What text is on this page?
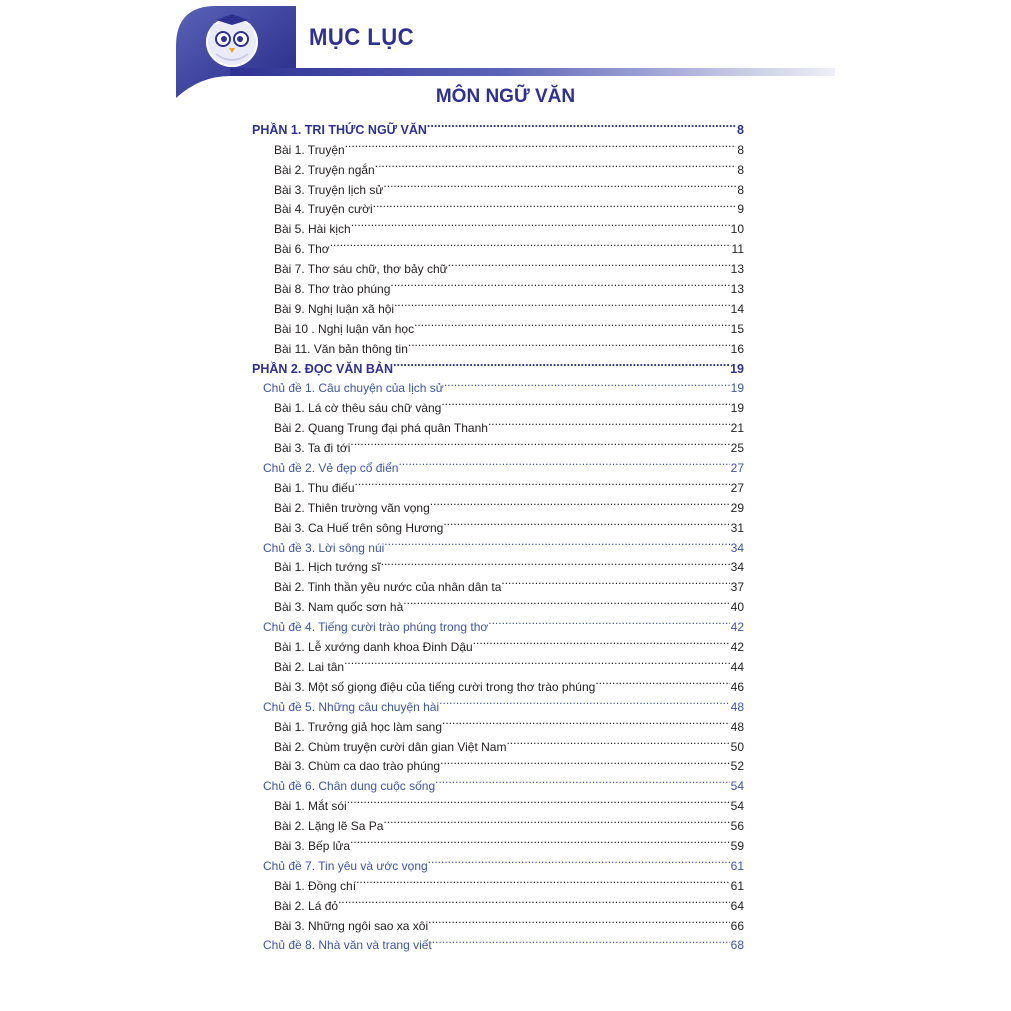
MỤC LỤC
MÔN NGỮ VĂN
PHẦN 1. TRI THỨC NGỮ VĂN .....	8
Bài 1. Truyện .....	8
Bài 2. Truyện ngắn .....	8
Bài 3. Truyện lịch sử .....	8
Bài 4. Truyện cười .....	9
Bài 5. Hài kịch .....	10
Bài 6. Thơ .....	11
Bài 7. Thơ sáu chữ, thơ bảy chữ .....	13
Bài 8. Thơ trào phúng .....	13
Bài 9. Nghị luận xã hội .....	14
Bài 10 . Nghị luận văn học .....	15
Bài 11. Văn bản thông tin .....	16
PHẦN 2. ĐỌC VĂN BẢN .....	19
Chủ đề 1. Câu chuyện của lịch sử .....	19
Bài 1. Lá cờ thêu sáu chữ vàng .....	19
Bài 2. Quang Trung đại phá quân Thanh .....	21
Bài 3. Ta đi tới .....	25
Chủ đề 2. Vẻ đẹp cổ điển .....	27
Bài 1. Thu điếu .....	27
Bài 2. Thiên trường vãn vọng .....	29
Bài 3. Ca Huế trên sông Hương .....	31
Chủ đề 3. Lời sông núi .....	34
Bài 1. Hịch tướng sĩ .....	34
Bài 2. Tinh thần yêu nước của nhân dân ta .....	37
Bài 3. Nam quốc sơn hà .....	40
Chủ đề 4. Tiếng cười trào phúng trong thơ .....	42
Bài 1. Lễ xướng danh khoa Đinh Dậu .....	42
Bài 2. Lai tân .....	44
Bài 3. Một số giọng điệu của tiếng cười trong thơ trào phúng .....	46
Chủ đề 5. Những câu chuyện hài .....	48
Bài 1. Trưởng giả học làm sang .....	48
Bài 2. Chùm truyện cười dân gian Việt Nam .....	50
Bài 3. Chùm ca dao trào phúng .....	52
Chủ đề 6. Chân dung cuộc sống .....	54
Bài 1. Mắt sói .....	54
Bài 2. Lặng lẽ Sa Pa .....	56
Bài 3. Bếp lửa .....	59
Chủ đề 7. Tin yêu và ước vọng .....	61
Bài 1. Đồng chí .....	61
Bài 2. Lá đỏ .....	64
Bài 3. Những ngôi sao xa xôi .....	66
Chủ đề 8. Nhà văn và trang viết .....	68
